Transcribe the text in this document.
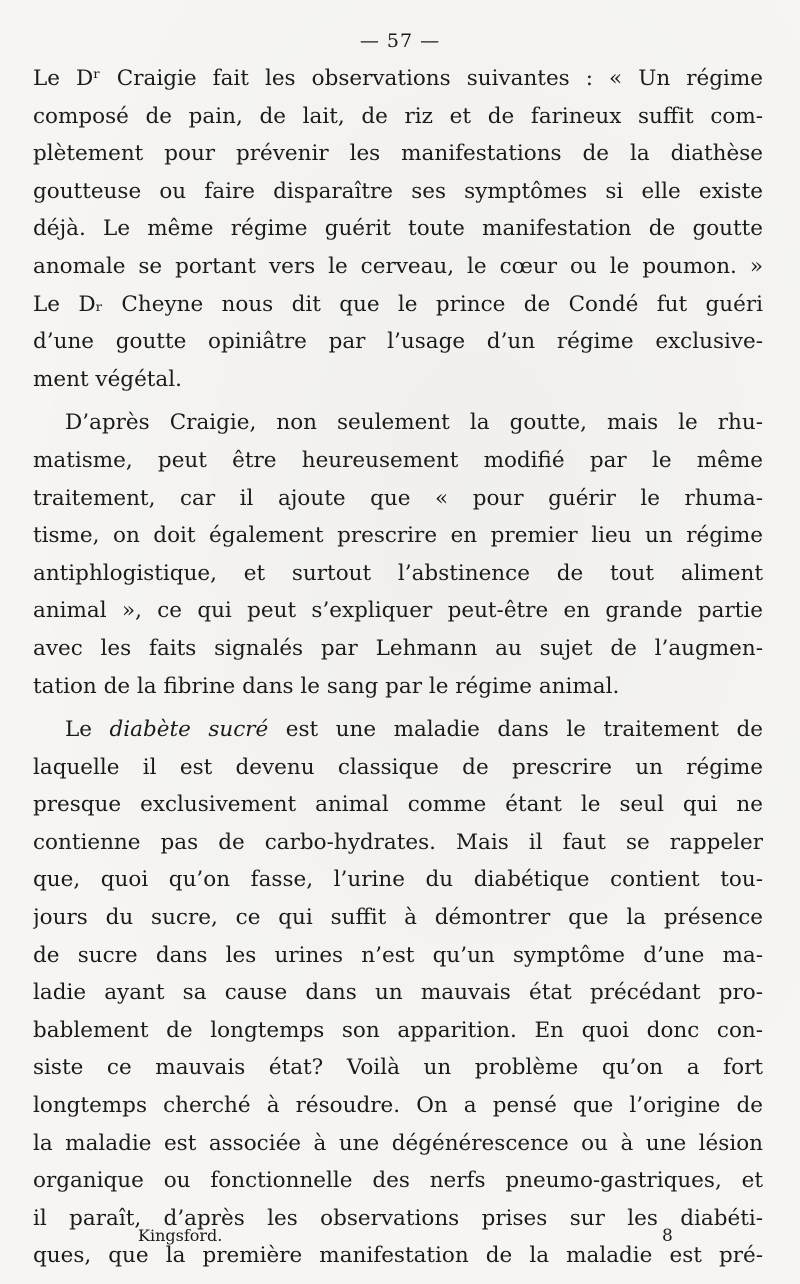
— 57 —
Le Dʳ Craigie fait les observations suivantes : « Un régime
composé de pain, de lait, de riz et de farineux suffit com-
plètement pour prévenir les manifestations de la diathèse
goutteuse ou faire disparaître ses symptômes si elle existe
déjà. Le même régime guérit toute manifestation de goutte
anomale se portant vers le cerveau, le cœur ou le poumon. »
Le Dᵣ Cheyne nous dit que le prince de Condé fut guéri
d’une goutte opiniâtre par l’usage d’un régime exclusive-
ment végétal.
D’après Craigie, non seulement la goutte, mais le rhu-
matisme, peut être heureusement modifié par le même
traitement, car il ajoute que « pour guérir le rhuma-
tisme, on doit également prescrire en premier lieu un régime
antiphlogistique, et surtout l’abstinence de tout aliment
animal », ce qui peut s’expliquer peut-être en grande partie
avec les faits signalés par Lehmann au sujet de l’augmen-
tation de la fibrine dans le sang par le régime animal.
Le diabète sucré est une maladie dans le traitement de
laquelle il est devenu classique de prescrire un régime
presque exclusivement animal comme étant le seul qui ne
contienne pas de carbo-hydrates. Mais il faut se rappeler
que, quoi qu’on fasse, l’urine du diabétique contient tou-
jours du sucre, ce qui suffit à démontrer que la présence
de sucre dans les urines n’est qu’un symptôme d’une ma-
ladie ayant sa cause dans un mauvais état précédant pro-
bablement de longtemps son apparition. En quoi donc con-
siste ce mauvais état? Voilà un problème qu’on a fort
longtemps cherché à résoudre. On a pensé que l’origine de
la maladie est associée à une dégénérescence ou à une lésion
organique ou fonctionnelle des nerfs pneumo-gastriques, et
il paraît, d’après les observations prises sur les diabéti-
ques, que la première manifestation de la maladie est pré-
Kingsford.	8
